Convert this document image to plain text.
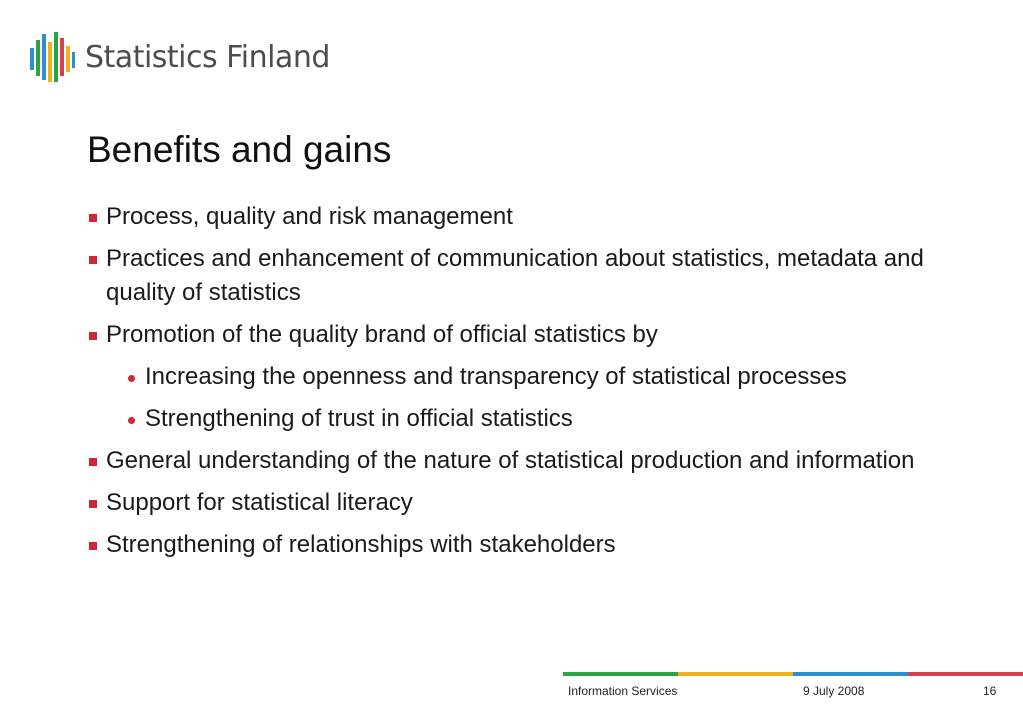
Statistics Finland
Benefits and gains
Process, quality and risk management
Practices and enhancement of communication about statistics, metadata and quality of statistics
Promotion of the quality brand of official statistics by
Increasing the openness and transparency of statistical processes
Strengthening of trust in official statistics
General understanding of the nature of statistical production and information
Support for statistical literacy
Strengthening of relationships with stakeholders
Information Services	9 July 2008	16
